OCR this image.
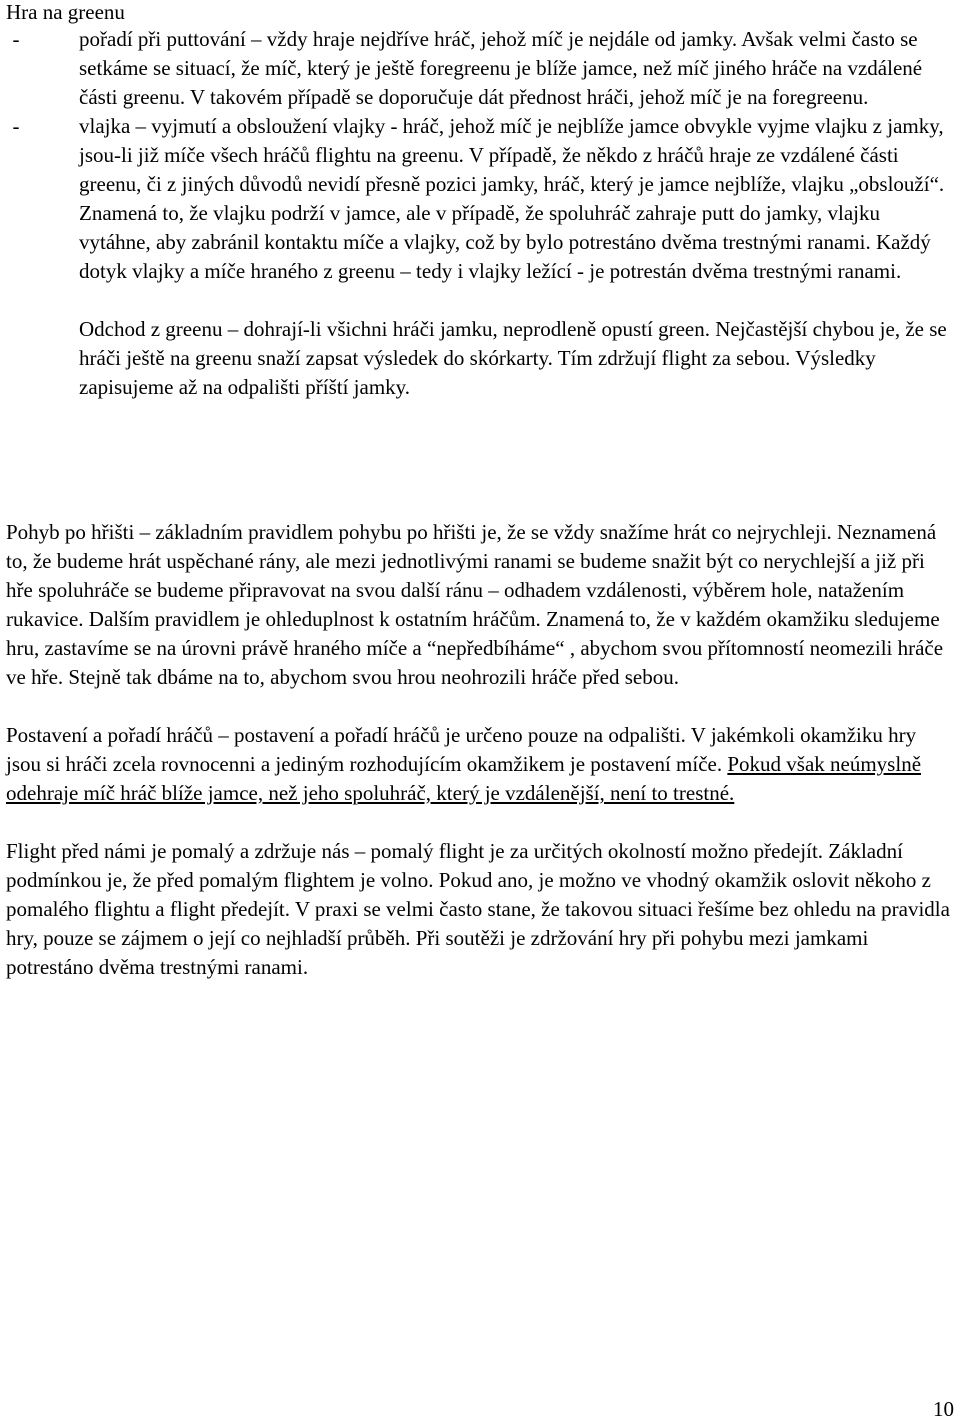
Hra na greenu
-	pořadí při puttování – vždy hraje nejdříve hráč, jehož míč je nejdále od jamky. Avšak velmi často se setkáme se situací, že míč, který je ještě foregreenu je blíže jamce, než míč jiného hráče na vzdálené části greenu. V takovém případě se doporučuje dát přednost hráči, jehož míč je na foregreenu.
-	vlajka – vyjmutí a obsloužení vlajky - hráč, jehož míč je nejblíže jamce obvykle vyjme vlajku z jamky, jsou-li již míče všech hráčů flightu na greenu. V případě, že někdo z hráčů hraje ze vzdálené části greenu, či z jiných důvodů nevidí přesně pozici jamky, hráč, který je jamce nejblíže, vlajku „obslouží“. Znamená to, že vlajku podrží v jamce, ale v případě, že spoluhráč zahraje putt do jamky, vlajku vytáhne, aby zabránil kontaktu míče a vlajky, což by bylo potrestáno dvěma trestnými ranami. Každý dotyk vlajky a míče hraného z greenu – tedy i vlajky ležící - je potrestán dvěma trestnými ranami.

Odchod z greenu – dohrají-li všichni hráči jamku, neprodleně opustí green. Nejčastější chybou je, že se hráči ještě na greenu snaží zapsat výsledek do skórkarty. Tím zdržují flight za sebou. Výsledky zapisujeme až na odpališti příští jamky.

Pohyb po hřišti – základním pravidlem pohybu po hřišti je, že se vždy snažíme hrát co nejrychleji. Neznamená to, že budeme hrát uspěchané rány, ale mezi jednotlivými ranami se budeme snažit být co nerychlejší a již při hře spoluhráče se budeme připravovat na svou další ránu – odhadem vzdálenosti, výběrem hole, natažením rukavice. Dalším pravidlem je ohleduplnost k ostatním hráčům. Znamená to, že v každém okamžiku sledujeme hru, zastavíme se na úrovni právě hraného míče a “nepředbíháme“ , abychom svou přítomností neomezili hráče ve hře. Stejně tak dbáme na to, abychom svou hrou neohrozili hráče před sebou.

Postavení a pořadí hráčů – postavení a pořadí hráčů je určeno pouze na odpališti. V jakémkoli okamžiku hry jsou si hráči zcela rovnocenni a jediným rozhodujícím okamžikem je postavení míče. Pokud však neúmyslně odehraje míč hráč blíže jamce, než jeho spoluhráč, který je vzdálenější, není to trestné.

Flight před námi je pomalý a zdržuje nás – pomalý flight je za určitých okolností možno předejít. Základní podmínkou je, že před pomalým flightem je volno. Pokud ano, je možno ve vhodný okamžik oslovit někoho z pomalého flightu a flight předejít. V praxi se velmi často stane, že takovou situaci řešíme bez ohledu na pravidla hry, pouze se zájmem o její co nejhladší průběh. Při soutěži je zdržování hry při pohybu mezi jamkami potrestáno dvěma trestnými ranami.

10
